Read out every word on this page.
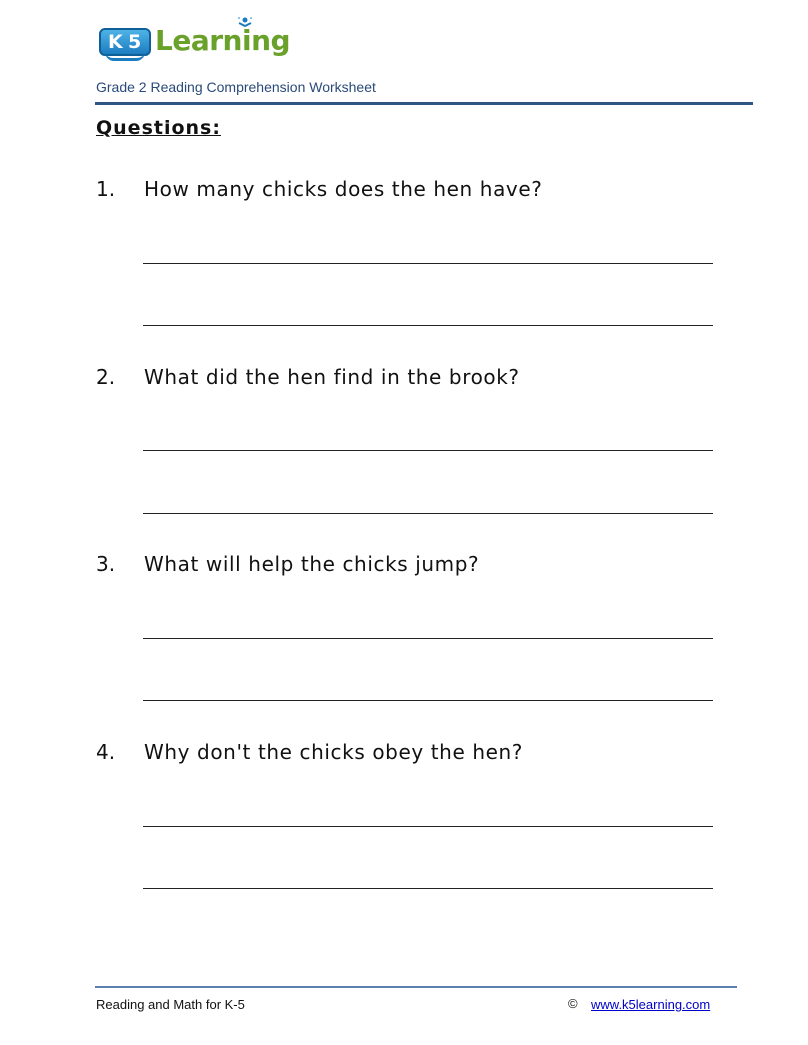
K 5 Learning
Grade 2 Reading Comprehension Worksheet
Questions:
1. How many chicks does the hen have?
2. What did the hen find in the brook?
3. What will help the chicks jump?
4. Why don't the chicks obey the hen?
Reading and Math for K-5	© www.k5learning.com
